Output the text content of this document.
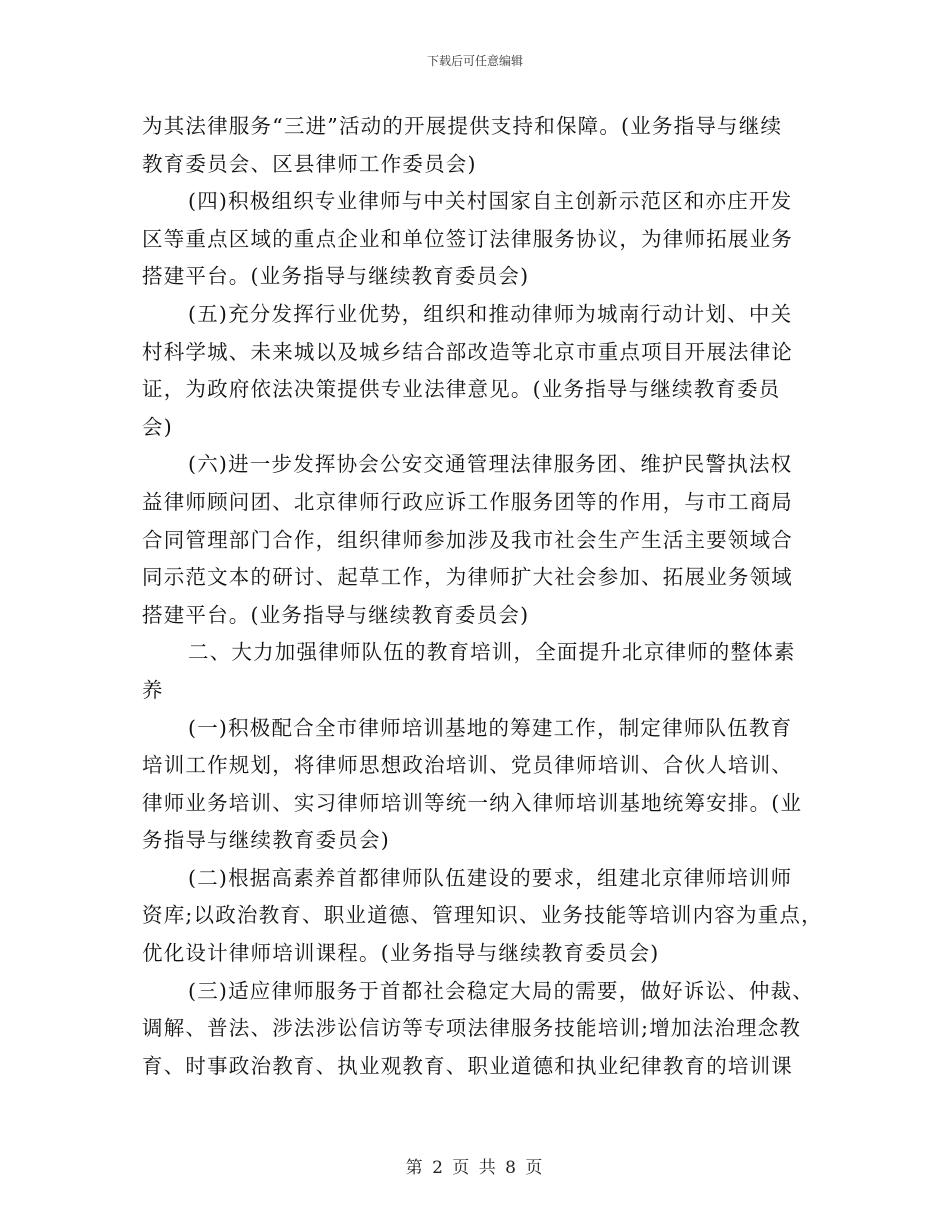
下载后可任意编辑
为其法律服务“三进”活动的开展提供支持和保障。(业务指导与继续
教育委员会、区县律师工作委员会)
(四)积极组织专业律师与中关村国家自主创新示范区和亦庄开发
区等重点区域的重点企业和单位签订法律服务协议，为律师拓展业务
搭建平台。(业务指导与继续教育委员会)
(五)充分发挥行业优势，组织和推动律师为城南行动计划、中关
村科学城、未来城以及城乡结合部改造等北京市重点项目开展法律论
证，为政府依法决策提供专业法律意见。(业务指导与继续教育委员
会)
(六)进一步发挥协会公安交通管理法律服务团、维护民警执法权
益律师顾问团、北京律师行政应诉工作服务团等的作用，与市工商局
合同管理部门合作，组织律师参加涉及我市社会生产生活主要领域合
同示范文本的研讨、起草工作，为律师扩大社会参加、拓展业务领域
搭建平台。(业务指导与继续教育委员会)
二、大力加强律师队伍的教育培训，全面提升北京律师的整体素
养
(一)积极配合全市律师培训基地的筹建工作，制定律师队伍教育
培训工作规划，将律师思想政治培训、党员律师培训、合伙人培训、
律师业务培训、实习律师培训等统一纳入律师培训基地统筹安排。(业
务指导与继续教育委员会)
(二)根据高素养首都律师队伍建设的要求，组建北京律师培训师
资库;以政治教育、职业道德、管理知识、业务技能等培训内容为重点，
优化设计律师培训课程。(业务指导与继续教育委员会)
(三)适应律师服务于首都社会稳定大局的需要，做好诉讼、仲裁、
调解、普法、涉法涉讼信访等专项法律服务技能培训;增加法治理念教
育、时事政治教育、执业观教育、职业道德和执业纪律教育的培训课
第 2 页 共 8 页
